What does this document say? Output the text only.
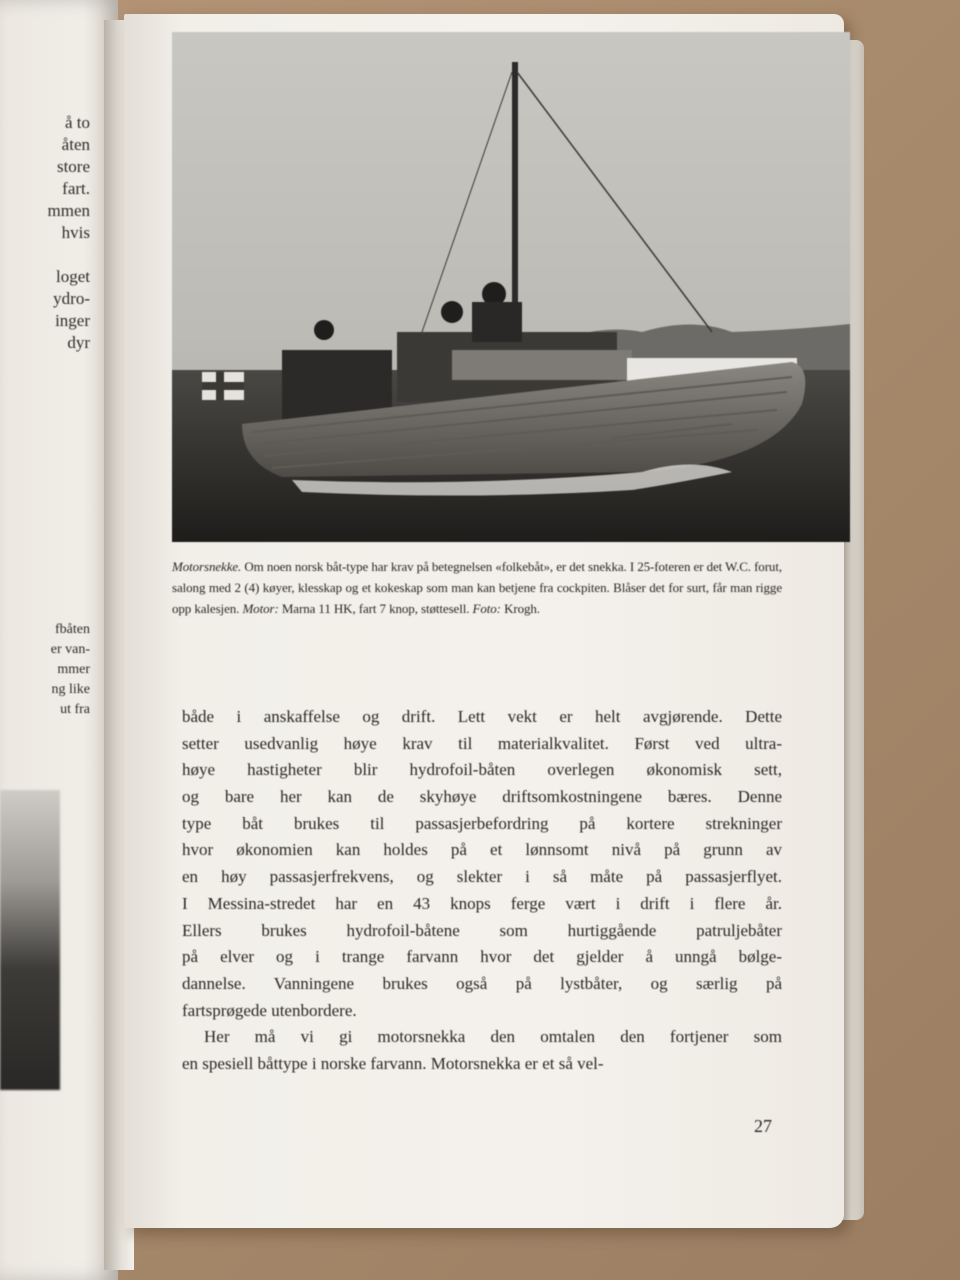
å to
åten
store
fart.
mmen
hvis
loget
ydro-
inger
dyr
fbåten
er van-
mmer
ng like
ut fra
Motorsnekke. Om noen norsk båt-type har krav på betegnelsen «folkebåt», er det snekka. I 25-foteren er det W.C. forut, salong med 2 (4) køyer, klesskap og et kokeskap som man kan betjene fra cockpiten. Blåser det for surt, får man rigge opp kalesjen. Motor: Marna 11 HK, fart 7 knop, støttesell. Foto: Krogh.
både i anskaffelse og drift. Lett vekt er helt avgjørende. Dette
setter usedvanlig høye krav til materialkvalitet. Først ved ultra-
høye hastigheter blir hydrofoil-båten overlegen økonomisk sett,
og bare her kan de skyhøye driftsomkostningene bæres. Denne
type båt brukes til passasjerbefordring på kortere strekninger
hvor økonomien kan holdes på et lønnsomt nivå på grunn av
en høy passasjerfrekvens, og slekter i så måte på passasjerflyet.
I Messina-stredet har en 43 knops ferge vært i drift i flere år.
Ellers brukes hydrofoil-båtene som hurtiggående patruljebåter
på elver og i trange farvann hvor det gjelder å unngå bølge-
dannelse. Vanningene brukes også på lystbåter, og særlig på
fartsprøgede utenbordere.
Her må vi gi motorsnekka den omtalen den fortjener som
en spesiell båttype i norske farvann. Motorsnekka er et så vel-
27
